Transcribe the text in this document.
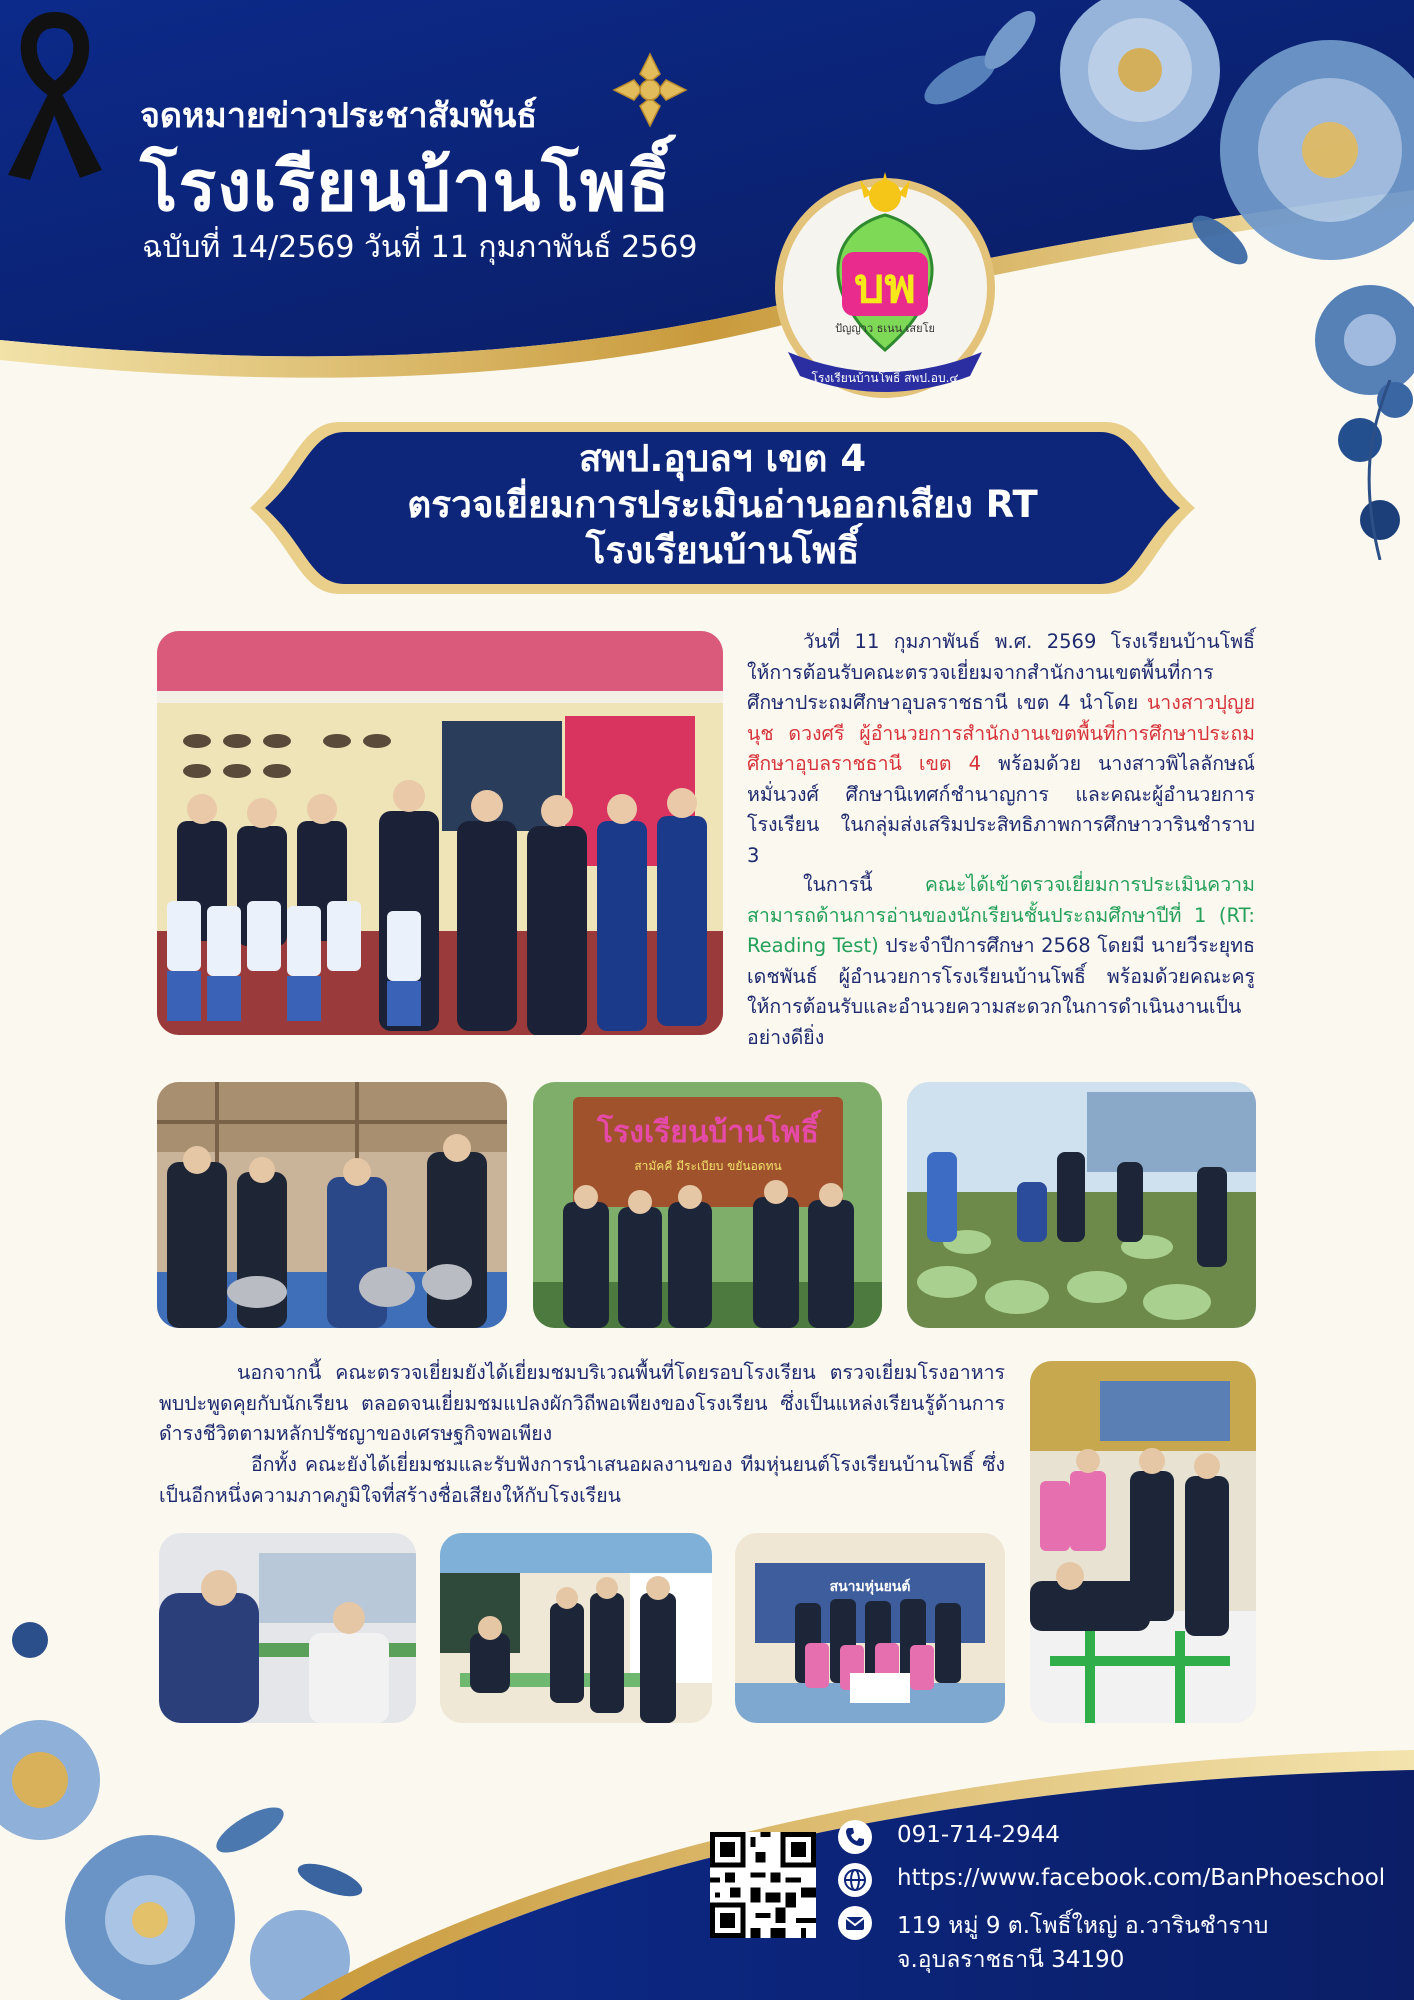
จดหมายข่าวประชาสัมพันธ์
โรงเรียนบ้านโพธิ์
ฉบับที่ 14/2569 วันที่ 11 กุมภาพันธ์ 2569
บพ
ปัญญาว ธเนน เสยโย
โรงเรียนบ้านโพธิ์ สพป.อบ.๔
สพป.อุบลฯ เขต 4
ตรวจเยี่ยมการประเมินอ่านออกเสียง RT
โรงเรียนบ้านโพธิ์
วันที่ 11 กุมภาพันธ์ พ.ศ. 2569 โรงเรียนบ้านโพธิ์ ให้การต้อนรับคณะตรวจเยี่ยมจากสำนักงานเขตพื้นที่การศึกษาประถมศึกษาอุบลราชธานี เขต 4 นำโดย นางสาวปุญยนุช ดวงศรี ผู้อำนวยการสำนักงานเขตพื้นที่การศึกษาประถมศึกษาอุบลราชธานี เขต 4 พร้อมด้วย นางสาวพิไลลักษณ์ หมั่นวงศ์ ศึกษานิเทศก์ชำนาญการ และคณะผู้อำนวยการโรงเรียน ในกลุ่มส่งเสริมประสิทธิภาพการศึกษาวารินชำราบ 3
ในการนี้	คณะได้เข้าตรวจเยี่ยมการประเมินความสามารถด้านการอ่านของนักเรียนชั้นประถมศึกษาปีที่ 1 (RT: Reading Test) ประจำปีการศึกษา 2568 โดยมี นายวีระยุทธ เดชพันธ์ ผู้อำนวยการโรงเรียนบ้านโพธิ์ พร้อมด้วยคณะครู ให้การต้อนรับและอำนวยความสะดวกในการดำเนินงานเป็นอย่างดียิ่ง
โรงเรียนบ้านโพธิ์
สามัคคี มีระเบียบ ขยันอดทน
นอกจากนี้ คณะตรวจเยี่ยมยังได้เยี่ยมชมบริเวณพื้นที่โดยรอบโรงเรียน ตรวจเยี่ยมโรงอาหาร พบปะพูดคุยกับนักเรียน ตลอดจนเยี่ยมชมแปลงผักวิถีพอเพียงของโรงเรียน ซึ่งเป็นแหล่งเรียนรู้ด้านการดำรงชีวิตตามหลักปรัชญาของเศรษฐกิจพอเพียง
อีกทั้ง คณะยังได้เยี่ยมชมและรับฟังการนำเสนอผลงานของ ทีมหุ่นยนต์โรงเรียนบ้านโพธิ์ ซึ่งเป็นอีกหนึ่งความภาคภูมิใจที่สร้างชื่อเสียงให้กับโรงเรียน
สนามหุ่นยนต์
091-714-2944
https://www.facebook.com/BanPhoeschool
119 หมู่ 9 ต.โพธิ์ใหญ่ อ.วารินชำราบ
จ.อุบลราชธานี 34190
